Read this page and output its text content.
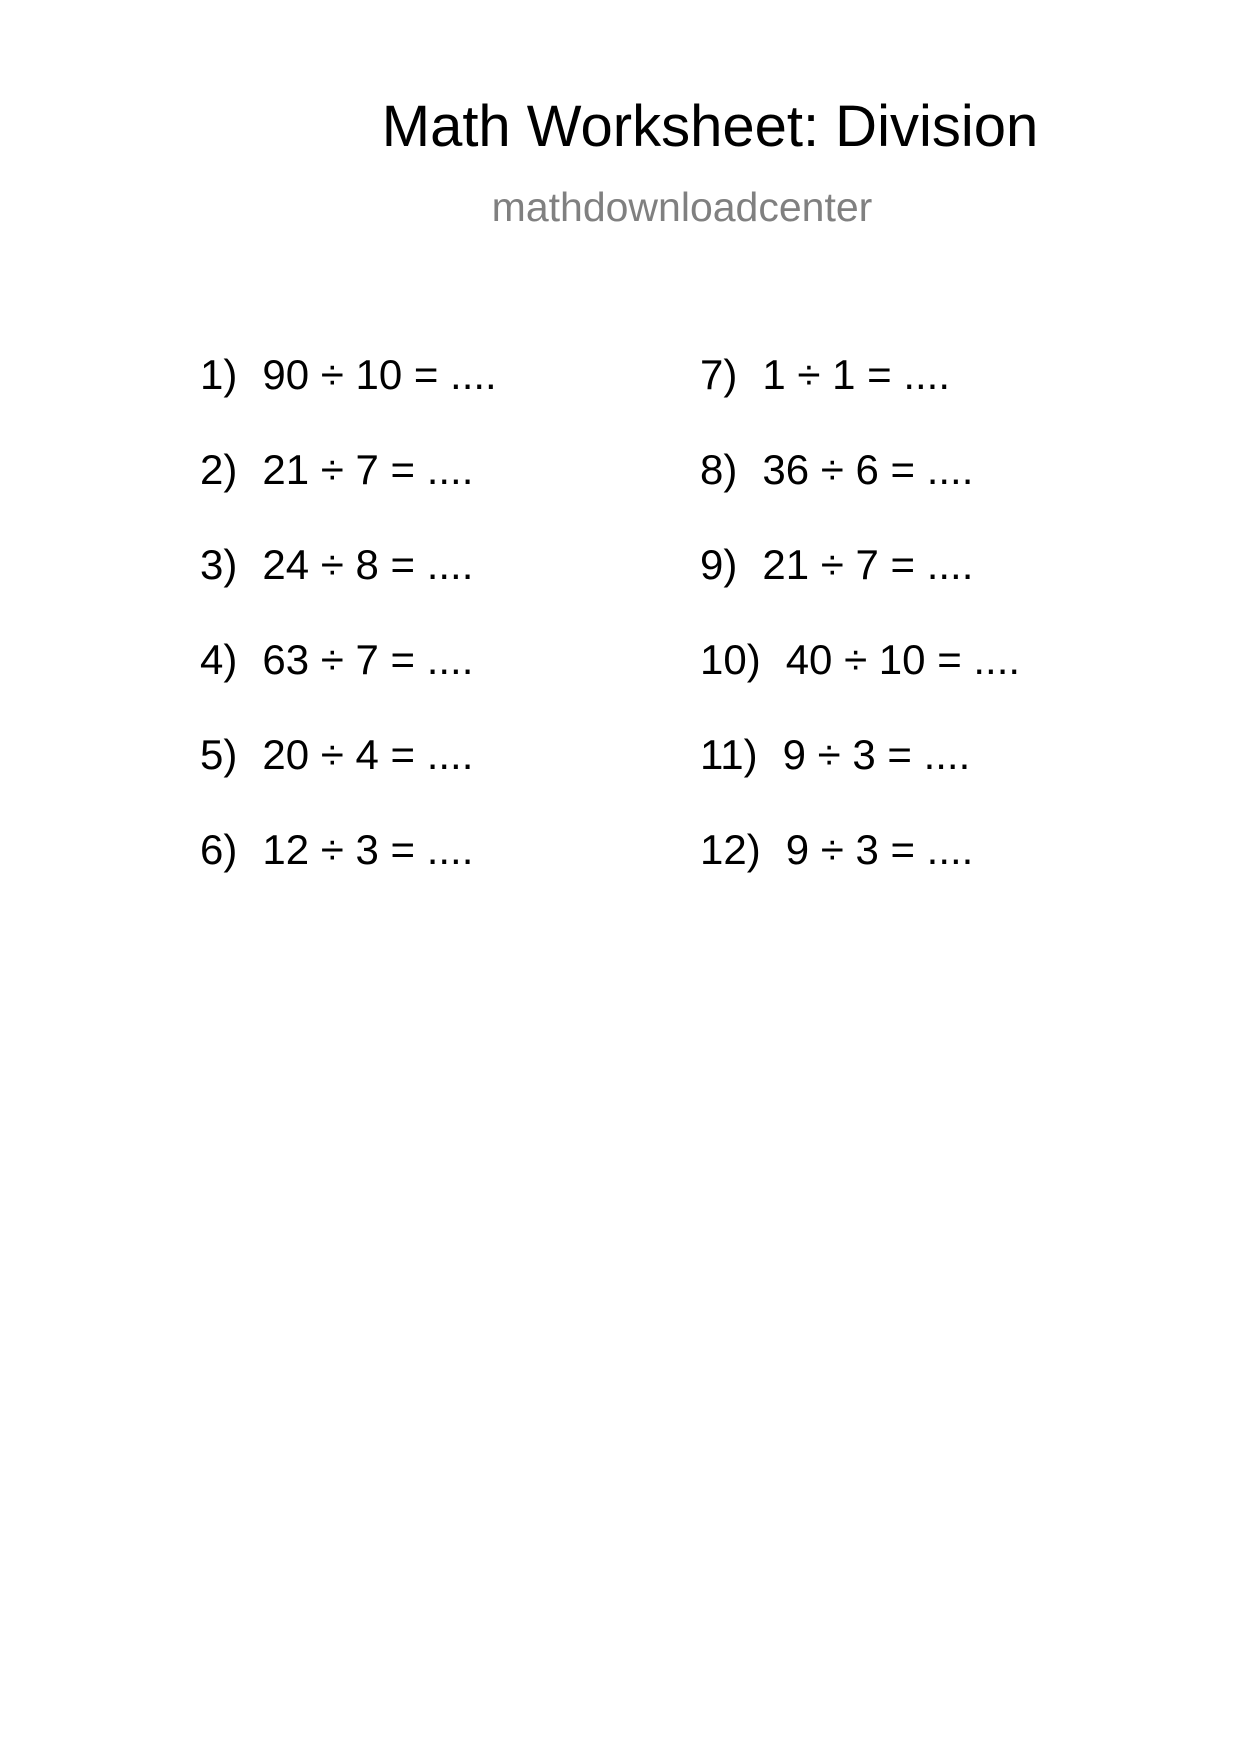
Math Worksheet: Division
mathdownloadcenter
1) 90 ÷ 10 = ....
2) 21 ÷ 7 = ....
3) 24 ÷ 8 = ....
4) 63 ÷ 7 = ....
5) 20 ÷ 4 = ....
6) 12 ÷ 3 = ....
7) 1 ÷ 1 = ....
8) 36 ÷ 6 = ....
9) 21 ÷ 7 = ....
10) 40 ÷ 10 = ....
11) 9 ÷ 3 = ....
12) 9 ÷ 3 = ....
